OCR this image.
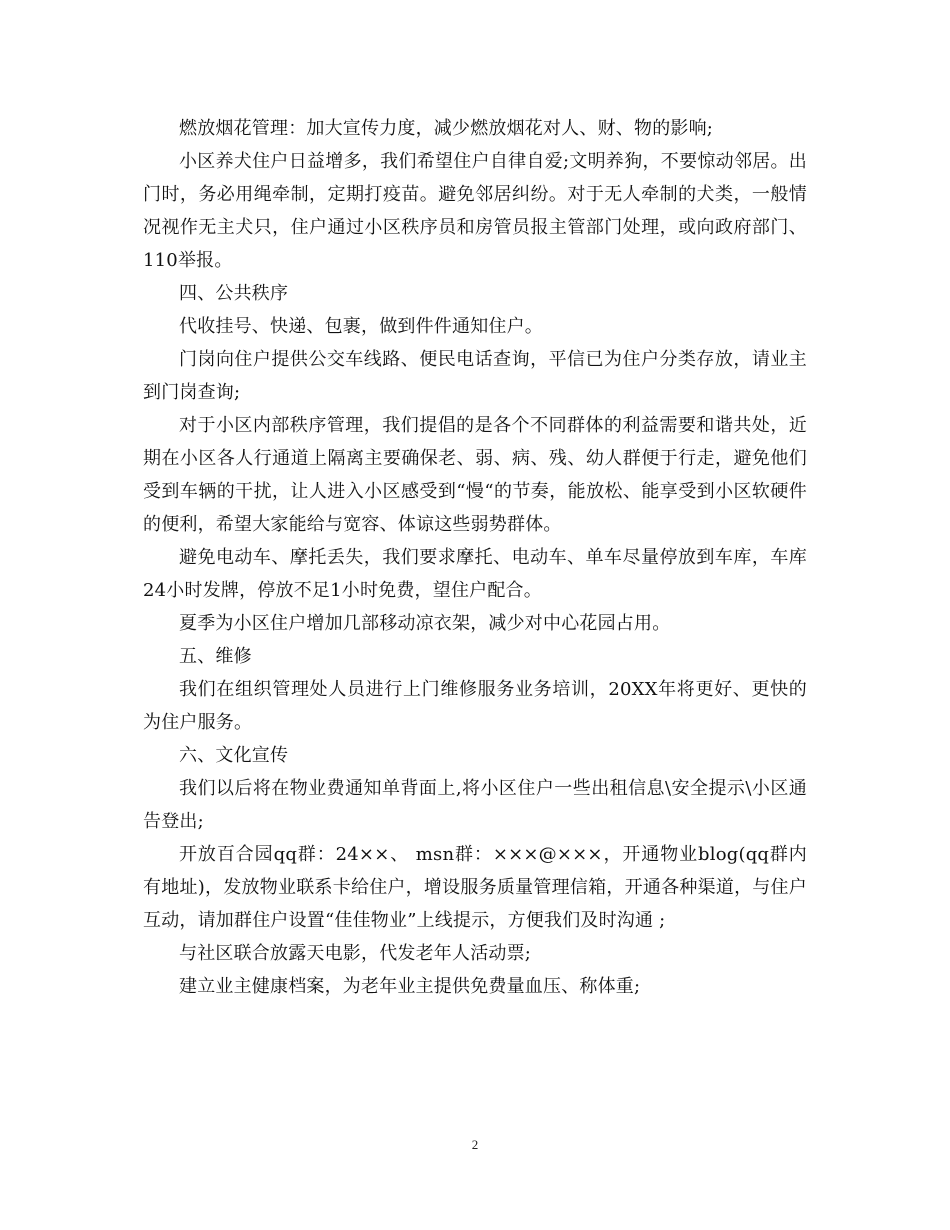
燃放烟花管理：加大宣传力度，减少燃放烟花对人、财、物的影响;

小区养犬住户日益增多，我们希望住户自律自爱;文明养狗，不要惊动邻居。出门时，务必用绳牵制，定期打疫苗。避免邻居纠纷。对于无人牵制的犬类，一般情况视作无主犬只，住户通过小区秩序员和房管员报主管部门处理，或向政府部门、110举报。

四、公共秩序

代收挂号、快递、包裹，做到件件通知住户。

门岗向住户提供公交车线路、便民电话查询，平信已为住户分类存放，请业主到门岗查询;

对于小区内部秩序管理，我们提倡的是各个不同群体的利益需要和谐共处，近期在小区各人行通道上隔离主要确保老、弱、病、残、幼人群便于行走，避免他们受到车辆的干扰，让人进入小区感受到“慢“的节奏，能放松、能享受到小区软硬件的便利，希望大家能给与宽容、体谅这些弱势群体。

避免电动车、摩托丢失，我们要求摩托、电动车、单车尽量停放到车库，车库24小时发牌，停放不足1小时免费，望住户配合。

夏季为小区住户增加几部移动凉衣架，减少对中心花园占用。

五、维修

我们在组织管理处人员进行上门维修服务业务培训，20XX年将更好、更快的为住户服务。

六、文化宣传

我们以后将在物业费通知单背面上,将小区住户一些出租信息\安全提示\小区通告登出;

开放百合园qq群：24××、 msn群：×××@×××，开通物业blog(qq群内有地址)，发放物业联系卡给住户，增设服务质量管理信箱，开通各种渠道，与住户互动，请加群住户设置“佳佳物业”上线提示，方便我们及时沟通 ;

与社区联合放露天电影，代发老年人活动票;

建立业主健康档案，为老年业主提供免费量血压、称体重;

2
